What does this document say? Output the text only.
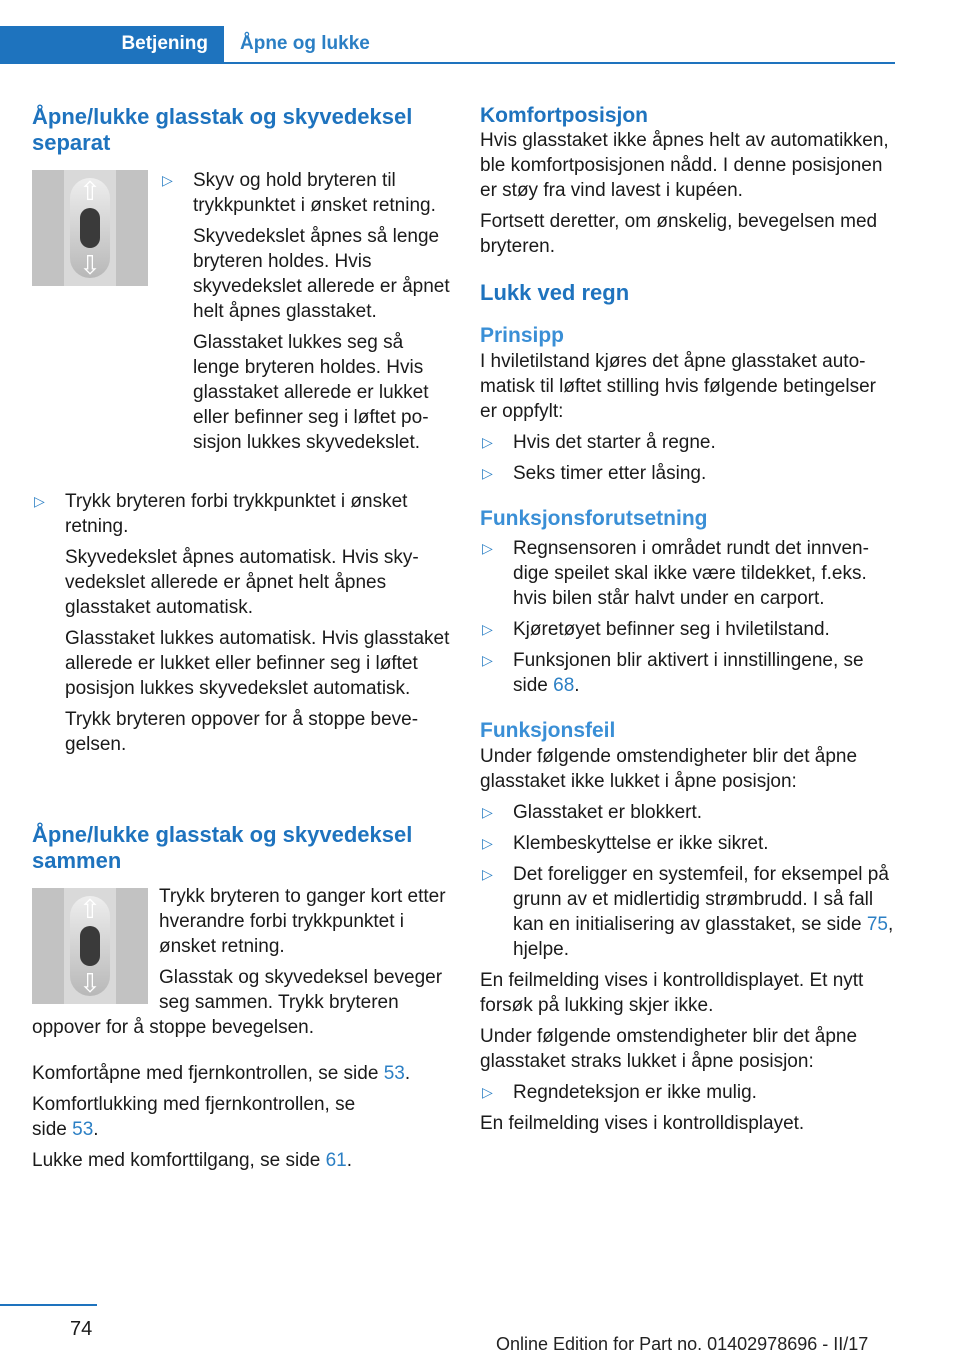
Betjening	Åpne og lukke
Åpne/lukke glasstak og skyvedeksel separat
⇧
⇩
▷ Skyv og hold bryteren til trykkpunktet i ønsket retning.

Skyvedekslet åpnes så lenge bryteren holdes. Hvis skyvedekslet allerede er åpnet helt åpnes glasstaket.

Glasstaket lukkes seg så lenge bryteren holdes. Hvis glasstaket allerede er lukket eller befinner seg i løftet posisjon lukkes skyvedekslet.

▷ Trykk bryteren forbi trykkpunktet i ønsket retning.

Skyvedekslet åpnes automatisk. Hvis skyvedekslet allerede er åpnet helt åpnes glasstaket automatisk.

Glasstaket lukkes automatisk. Hvis glasstaket allerede er lukket eller befinner seg i løftet posisjon lukkes skyvedekslet automatisk.

Trykk bryteren oppover for å stoppe bevegelsen.

Åpne/lukke glasstak og skyvedeksel sammen
⇧
⇩

Trykk bryteren to ganger kort etter hverandre forbi trykkpunktet i ønsket retning.

Glasstak og skyvedeksel beveger seg sammen. Trykk bryteren

oppover for å stoppe bevegelsen.

Komfortåpne med fjernkontrollen, se side 53.

Komfortlukking med fjernkontrollen, se side 53.

Lukke med komforttilgang, se side 61.

Komfortposisjon

Hvis glasstaket ikke åpnes helt av automatikken, ble komfortposisjonen nådd. I denne posisjonen er støy fra vind lavest i kupéen.

Fortsett deretter, om ønskelig, bevegelsen med bryteren.

Lukk ved regn
Prinsipp

I hviletilstand kjøres det åpne glasstaket automatisk til løftet stilling hvis følgende betingelser er oppfylt:

▷ Hvis det starter å regne.
▷ Seks timer etter låsing.
Funksjonsforutsetning
▷ Regnsensoren i området rundt det innvendige speilet skal ikke være tildekket, f.eks. hvis bilen står halvt under en carport.
▷ Kjøretøyet befinner seg i hviletilstand.
▷ Funksjonen blir aktivert i innstillingene, se side 68.
Funksjonsfeil

Under følgende omstendigheter blir det åpne glasstaket ikke lukket i åpne posisjon:

▷ Glasstaket er blokkert.
▷ Klembeskyttelse er ikke sikret.
▷ Det foreligger en systemfeil, for eksempel på grunn av et midlertidig strømbrudd. I så fall kan en initialisering av glasstaket, se side 75, hjelpe.

En feilmelding vises i kontrolldisplayet. Et nytt forsøk på lukking skjer ikke.

Under følgende omstendigheter blir det åpne glasstaket straks lukket i åpne posisjon:

▷ Regndeteksjon er ikke mulig.

En feilmelding vises i kontrolldisplayet.

74
Online Edition for Part no. 01402978696 - II/17
